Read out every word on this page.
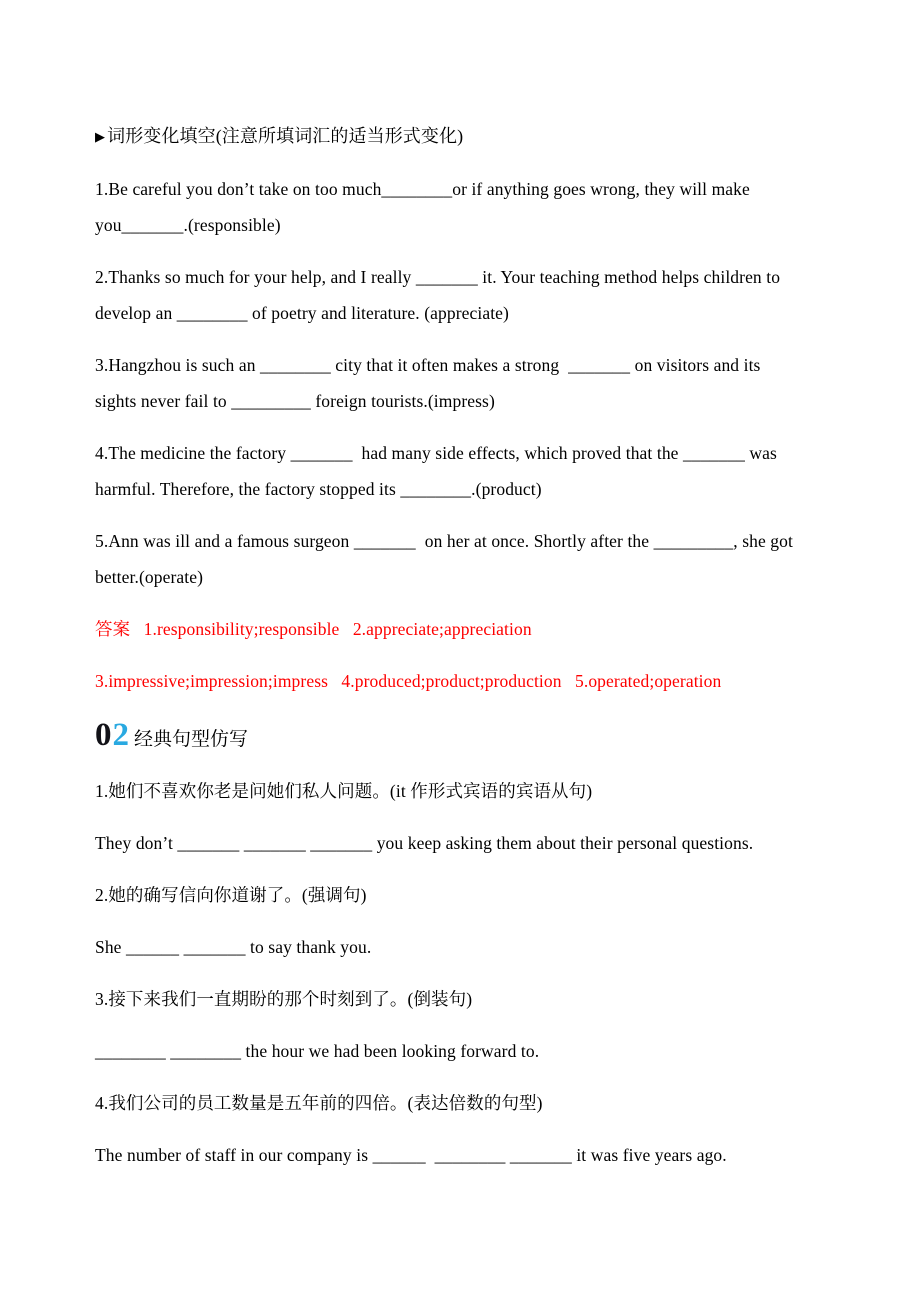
▶ 词形变化填空(注意所填词汇的适当形式变化)
1.Be careful you don’t take on too much________or if anything goes wrong, they will make
you_______.(responsible)
2.Thanks so much for your help, and I really _______ it. Your teaching method helps children to
develop an ________ of poetry and literature. (appreciate)
3.Hangzhou is such an ________ city that it often makes a strong  _______ on visitors and its
sights never fail to _________ foreign tourists.(impress)
4.The medicine the factory _______  had many side effects, which proved that the _______ was
harmful. Therefore, the factory stopped its ________.(product)
5.Ann was ill and a famous surgeon _______  on her at once. Shortly after the _________, she got
better.(operate)
答案   1.responsibility;responsible   2.appreciate;appreciation
3.impressive;impression;impress   4.produced;product;production   5.operated;operation
02 经典句型仿写
1.她们不喜欢你老是问她们私人问题。(it 作形式宾语的宾语从句)
They don’t _______ _______ _______ you keep asking them about their personal questions.
2.她的确写信向你道谢了。(强调句)
She ______ _______ to say thank you.
3.接下来我们一直期盼的那个时刻到了。(倒装句)
________ ________ the hour we had been looking forward to.
4.我们公司的员工数量是五年前的四倍。(表达倍数的句型)
The number of staff in our company is ______  ________ _______ it was five years ago.
